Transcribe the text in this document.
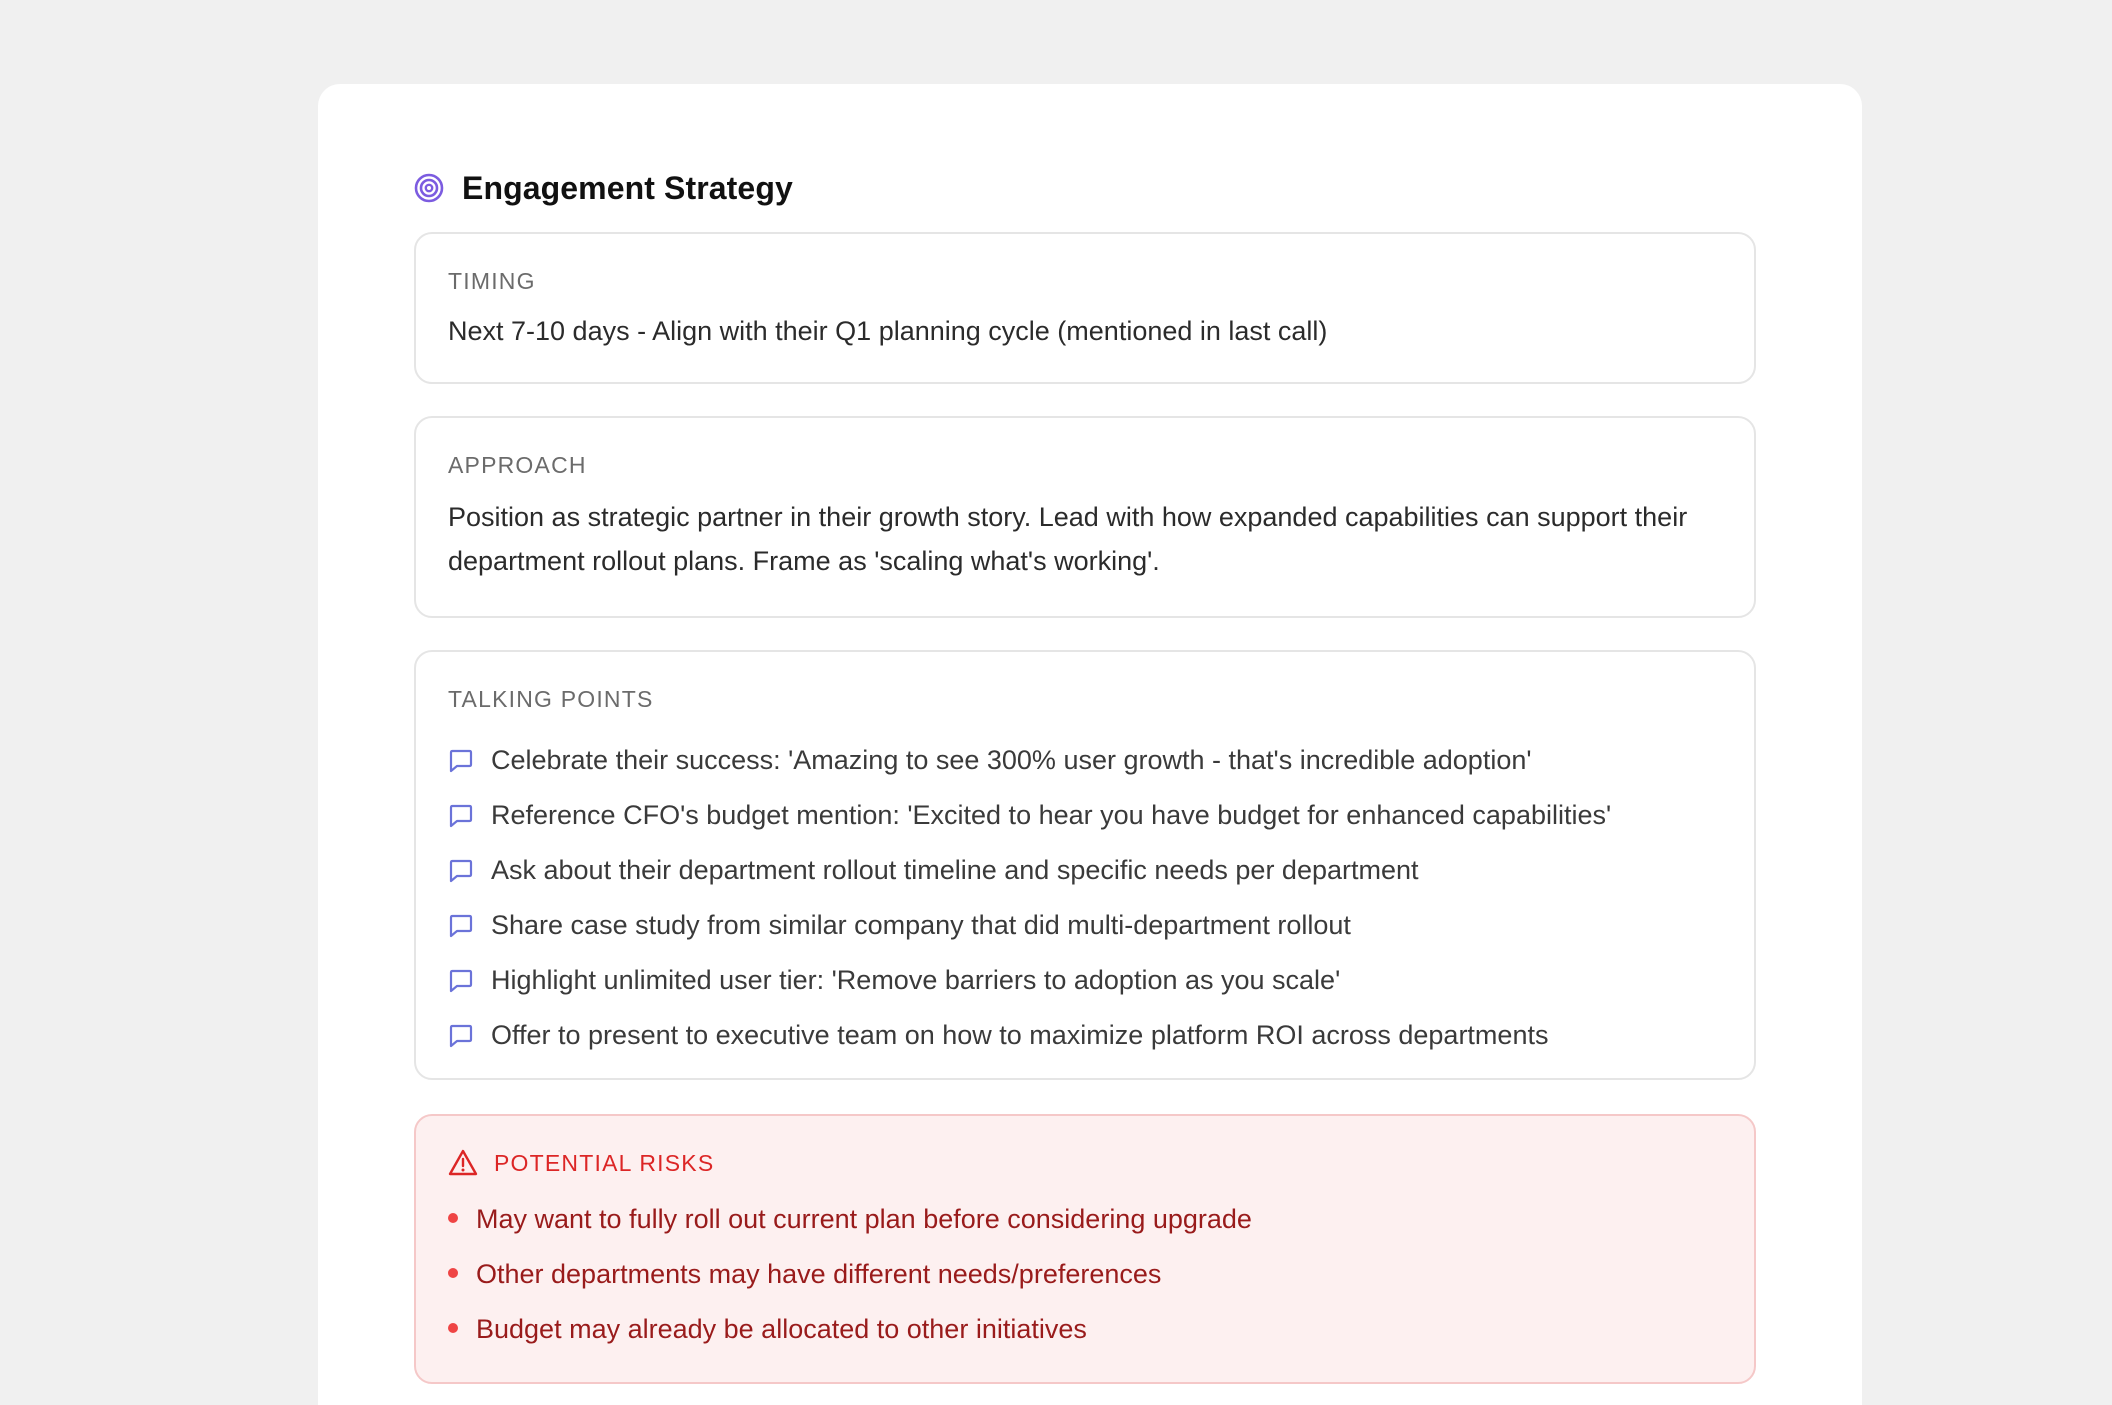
Engagement Strategy
TIMING
Next 7-10 days - Align with their Q1 planning cycle (mentioned in last call)
APPROACH
Position as strategic partner in their growth story. Lead with how expanded capabilities can support their department rollout plans. Frame as 'scaling what's working'.
TALKING POINTS
Celebrate their success: 'Amazing to see 300% user growth - that's incredible adoption'
Reference CFO's budget mention: 'Excited to hear you have budget for enhanced capabilities'
Ask about their department rollout timeline and specific needs per department
Share case study from similar company that did multi-department rollout
Highlight unlimited user tier: 'Remove barriers to adoption as you scale'
Offer to present to executive team on how to maximize platform ROI across departments
POTENTIAL RISKS
May want to fully roll out current plan before considering upgrade
Other departments may have different needs/preferences
Budget may already be allocated to other initiatives
